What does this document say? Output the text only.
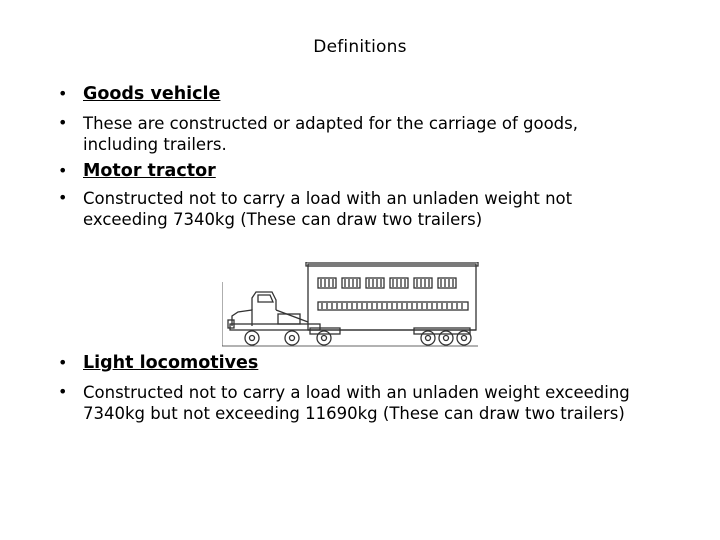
Definitions
• Goods vehicle
• These are constructed or adapted for the carriage of goods, including trailers.
• Motor tractor
• Constructed not to carry a load with an unladen weight not exceeding 7340kg (These can draw two trailers)
• Light locomotives
• Constructed not to carry a load with an unladen weight exceeding 7340kg but not exceeding 11690kg (These can draw two trailers)
